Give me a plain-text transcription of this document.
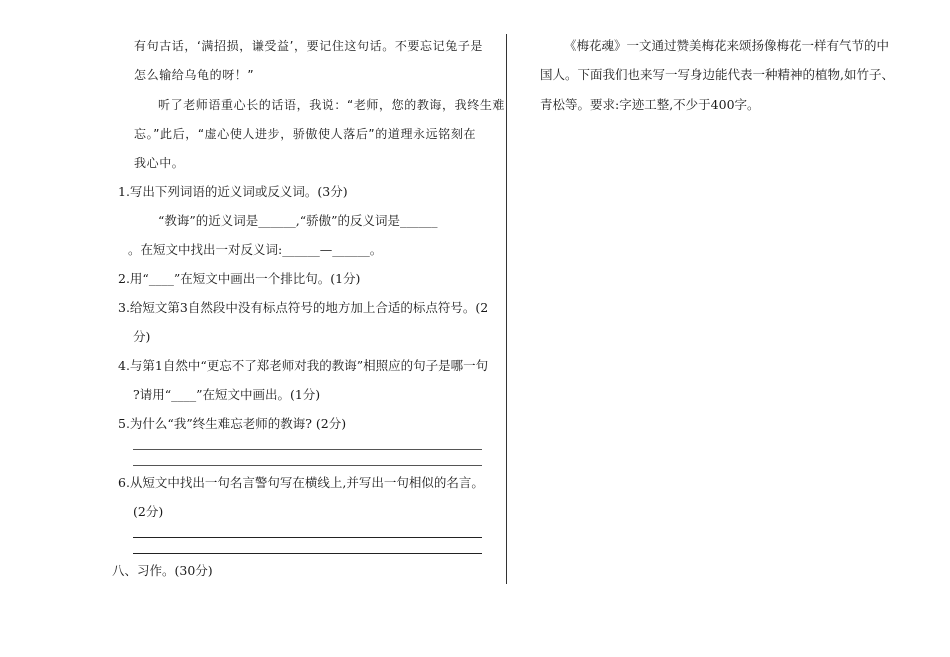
有句古话，‘满招损，谦受益’，要记住这句话。不要忘记兔子是
怎么输给乌龟的呀！”
听了老师语重心长的话语，我说：“老师，您的教诲，我终生难
忘。”此后，“虚心使人进步，骄傲使人落后”的道理永远铭刻在
我心中。
1.写出下列词语的近义词或反义词。(3分)
“教诲”的近义词是______,“骄傲”的反义词是______
。在短文中找出一对反义词:______—______。
2.用“____”在短文中画出一个排比句。(1分)
3.给短文第3自然段中没有标点符号的地方加上合适的标点符号。(2
分)
4.与第1自然中“更忘不了郑老师对我的教诲”相照应的句子是哪一句
?请用“____”在短文中画出。(1分)
5.为什么“我”终生难忘老师的教诲? (2分)
6.从短文中找出一句名言警句写在横线上,并写出一句相似的名言。
(2分)
八、习作。(30分)
《梅花魂》一文通过赞美梅花来颂扬像梅花一样有气节的中
国人。下面我们也来写一写身边能代表一种精神的植物,如竹子、
青松等。要求:字迹工整,不少于400字。
